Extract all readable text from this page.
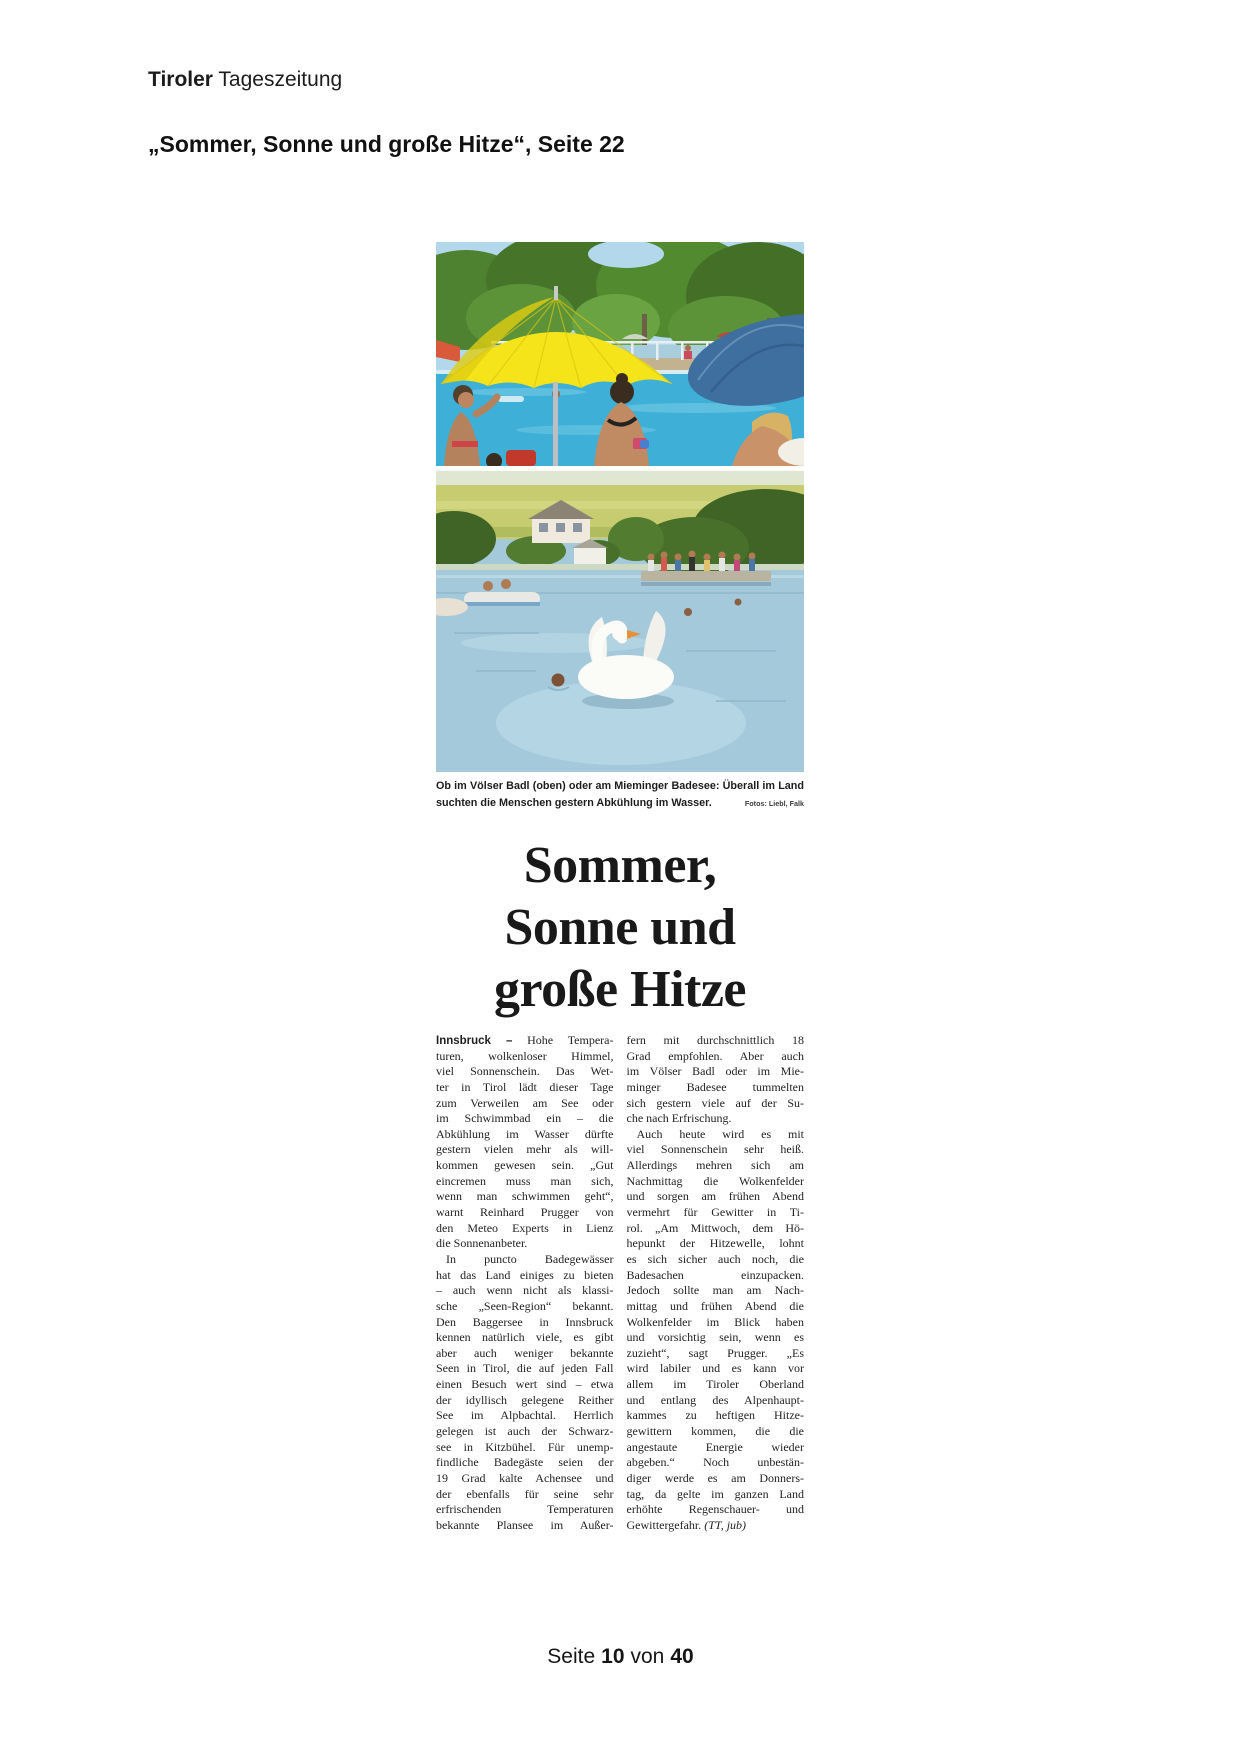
Tiroler Tageszeitung
„Sommer, Sonne und große Hitze“, Seite 22
Ob im Völser Badl (oben) oder am Mieminger Badesee: Überall im Land
suchten die Menschen gestern Abkühlung im Wasser.	Fotos: Liebl, Falk
Sommer,
Sonne und
große Hitze
Innsbruck – Hohe Tempera-
turen, wolkenloser Himmel,
viel Sonnenschein. Das Wet-
ter in Tirol lädt dieser Tage
zum Verweilen am See oder
im Schwimmbad ein – die
Abkühlung im Wasser dürfte
gestern vielen mehr als will-
kommen gewesen sein. „Gut
eincremen muss man sich,
wenn man schwimmen geht“,
warnt Reinhard Prugger von
den Meteo Experts in Lienz
die Sonnenanbeter.
In puncto Badegewässer
hat das Land einiges zu bieten
– auch wenn nicht als klassi-
sche „Seen-Region“ bekannt.
Den Baggersee in Innsbruck
kennen natürlich viele, es gibt
aber auch weniger bekannte
Seen in Tirol, die auf jeden Fall
einen Besuch wert sind – etwa
der idyllisch gelegene Reither
See im Alpbachtal. Herrlich
gelegen ist auch der Schwarz-
see in Kitzbühel. Für unemp-
findliche Badegäste seien der
19 Grad kalte Achensee und
der ebenfalls für seine sehr
erfrischenden Temperaturen
bekannte Plansee im Außer-
fern mit durchschnittlich 18
Grad empfohlen. Aber auch
im Völser Badl oder im Mie-
minger Badesee tummelten
sich gestern viele auf der Su-
che nach Erfrischung.
Auch heute wird es mit
viel Sonnenschein sehr heiß.
Allerdings mehren sich am
Nachmittag die Wolkenfelder
und sorgen am frühen Abend
vermehrt für Gewitter in Ti-
rol. „Am Mittwoch, dem Hö-
hepunkt der Hitzewelle, lohnt
es sich sicher auch noch, die
Badesachen einzupacken.
Jedoch sollte man am Nach-
mittag und frühen Abend die
Wolkenfelder im Blick haben
und vorsichtig sein, wenn es
zuzieht“, sagt Prugger. „Es
wird labiler und es kann vor
allem im Tiroler Oberland
und entlang des Alpenhaupt-
kammes zu heftigen Hitze-
gewittern kommen, die die
angestaute Energie wieder
abgeben.“ Noch unbestän-
diger werde es am Donners-
tag, da gelte im ganzen Land
erhöhte Regenschauer- und
Gewittergefahr. (TT, jub)
Seite 10 von 40
